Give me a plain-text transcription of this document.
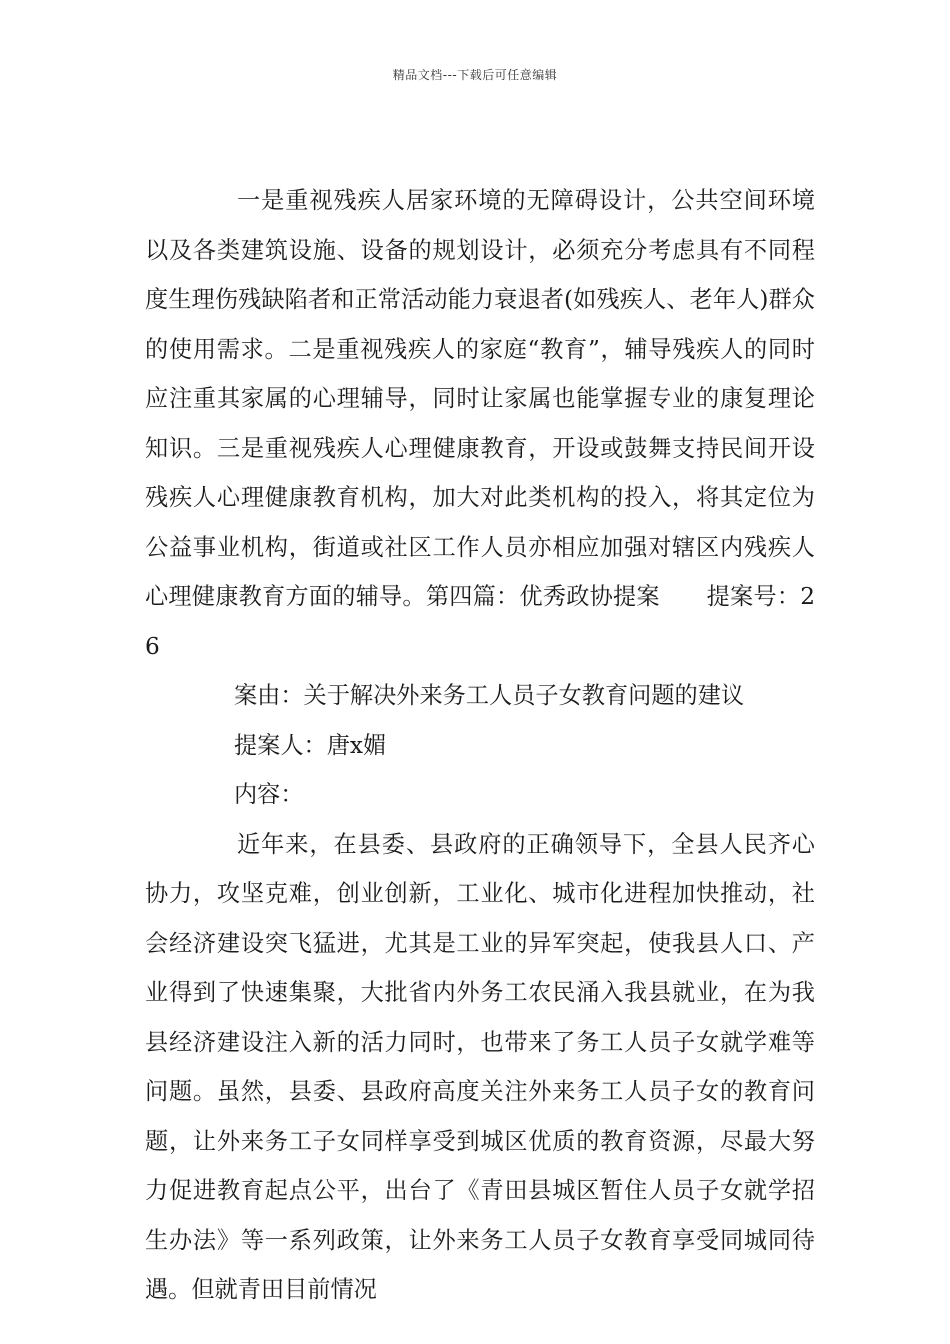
精品文档---下载后可任意编辑

一是重视残疾人居家环境的无障碍设计，公共空间环境以及各类建筑设施、设备的规划设计，必须充分考虑具有不同程度生理伤残缺陷者和正常活动能力衰退者(如残疾人、老年人)群众的使用需求。二是重视残疾人的家庭“教育”，辅导残疾人的同时应注重其家属的心理辅导，同时让家属也能掌握专业的康复理论知识。三是重视残疾人心理健康教育，开设或鼓舞支持民间开设残疾人心理健康教育机构，加大对此类机构的投入，将其定位为公益事业机构，街道或社区工作人员亦相应加强对辖区内残疾人心理健康教育方面的辅导。第四篇：优秀政协提案　　提案号：26

案由：关于解决外来务工人员子女教育问题的建议

提案人：唐x媚

内容：

近年来，在县委、县政府的正确领导下，全县人民齐心协力，攻坚克难，创业创新，工业化、城市化进程加快推动，社会经济建设突飞猛进，尤其是工业的异军突起，使我县人口、产业得到了快速集聚，大批省内外务工农民涌入我县就业，在为我县经济建设注入新的活力同时，也带来了务工人员子女就学难等问题。虽然，县委、县政府高度关注外来务工人员子女的教育问题，让外来务工子女同样享受到城区优质的教育资源，尽最大努力促进教育起点公平，出台了《青田县城区暂住人员子女就学招生办法》等一系列政策，让外来务工人员子女教育享受同城同待遇。但就青田目前情况
